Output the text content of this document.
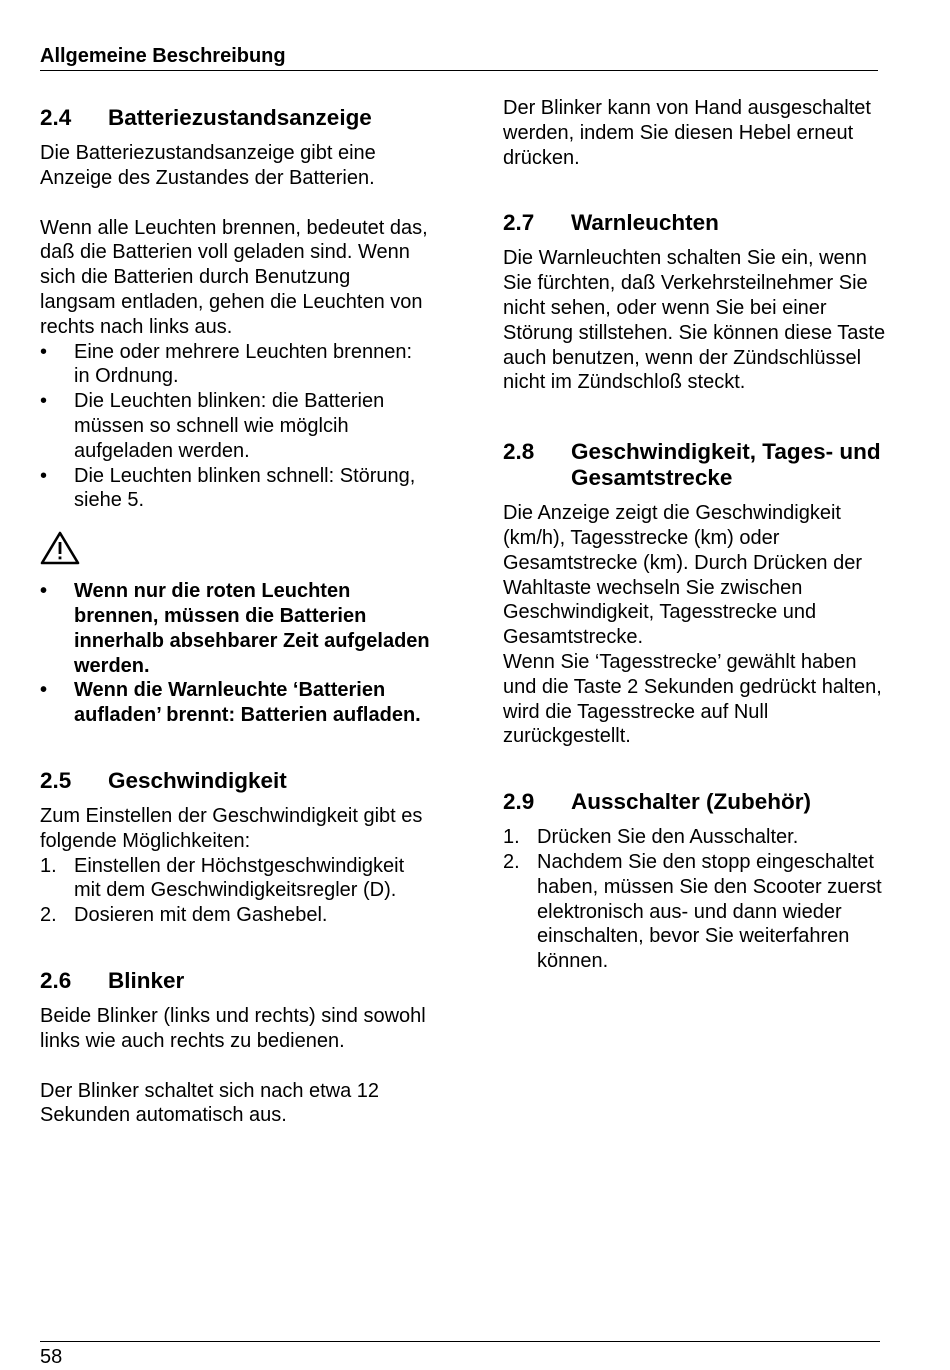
Allgemeine Beschreibung
2.4	Batteriezustandsanzeige

Die Batteriezustandsanzeige gibt eine Anzeige des Zustandes der Batterien.

Wenn alle Leuchten brennen, bedeutet das, daß die Batterien voll geladen sind. Wenn sich die Batterien durch Benutzung langsam entladen, gehen die Leuchten von rechts nach links aus.

• Eine oder mehrere Leuchten brennen: in Ordnung.
• Die Leuchten blinken: die Batterien müssen so schnell wie möglcih aufgeladen werden.
• Die Leuchten blinken schnell: Störung, siehe 5.
• Wenn nur die roten Leuchten brennen, müssen die Batterien innerhalb absehbarer Zeit aufgeladen werden.
• Wenn die Warnleuchte ‘Batterien aufladen’ brennt: Batterien aufladen.
2.5	Geschwindigkeit

Zum Einstellen der Geschwindigkeit gibt es folgende Möglichkeiten:

1. Einstellen der Höchstgeschwindigkeit mit dem Geschwindigkeitsregler (D).
2. Dosieren mit dem Gashebel.
2.6	Blinker

Beide Blinker (links und rechts) sind sowohl links wie auch rechts zu bedienen.

Der Blinker schaltet sich nach etwa 12 Sekunden automatisch aus.

Der Blinker kann von Hand ausgeschaltet werden, indem Sie diesen Hebel erneut drücken.

2.7	Warnleuchten

Die Warnleuchten schalten Sie ein, wenn Sie fürchten, daß Verkehrsteilnehmer Sie nicht sehen, oder wenn Sie bei einer Störung stillstehen. Sie können diese Taste auch benutzen, wenn der Zündschlüssel nicht im Zündschloß steckt.

2.8	Geschwindigkeit, Tages- und Gesamtstrecke

Die Anzeige zeigt die Geschwindigkeit (km/h), Tagesstrecke (km) oder Gesamtstrecke (km). Durch Drücken der Wahltaste wechseln Sie zwischen Geschwindigkeit, Tagesstrecke und Gesamtstrecke.

Wenn Sie ‘Tagesstrecke’ gewählt haben und die Taste 2 Sekunden gedrückt halten, wird die Tagesstrecke auf Null zurückgestellt.

2.9	Ausschalter (Zubehör)
1. Drücken Sie den Ausschalter.
2. Nachdem Sie den stopp eingeschaltet haben, müssen Sie den Scooter zuerst elektronisch aus- und dann wieder einschalten, bevor Sie weiterfahren können.
58
